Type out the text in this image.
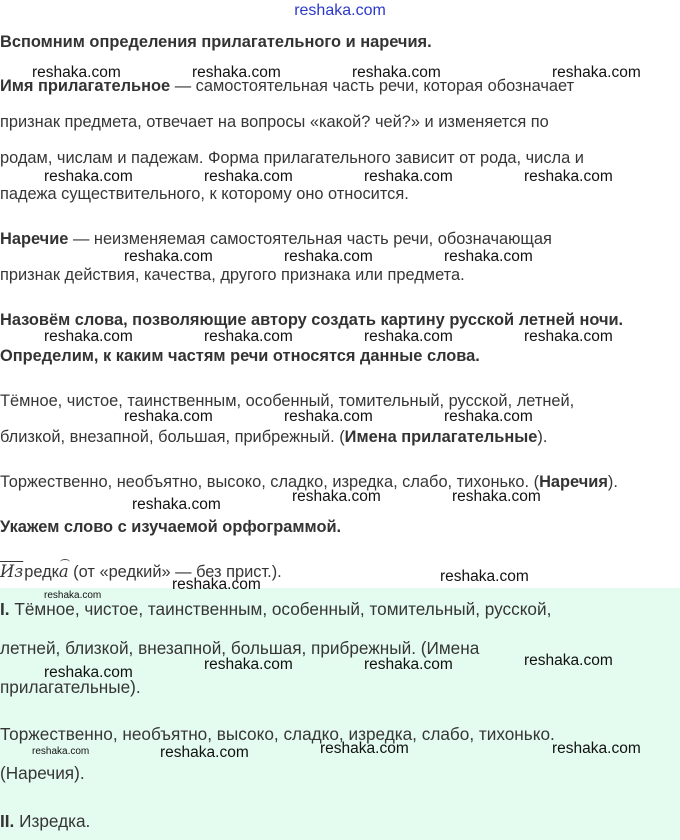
reshaka.com
Вспомним определения прилагательного и наречия.
Имя прилагательное — самостоятельная часть речи, которая обозначает
признак предмета, отвечает на вопросы «какой? чей?» и изменяется по
родам, числам и падежам. Форма прилагательного зависит от рода, числа и
падежа существительного, к которому оно относится.
Наречие — неизменяемая самостоятельная часть речи, обозначающая
признак действия, качества, другого признака или предмета.
Назовём слова, позволяющие автору создать картину русской летней ночи.
Определим, к каким частям речи относятся данные слова.
Тёмное, чистое, таинственным, особенный, томительный, русской, летней,
близкой, внезапной, большая, прибрежный. (Имена прилагательные).
Торжественно, необъятно, высоко, сладко, изредка, слабо, тихонько. (Наречия).
Укажем слово с изучаемой орфограммой.
Изредка (от «редкий» — без прист.).
I. Тёмное, чистое, таинственным, особенный, томительный, русской,
летней, близкой, внезапной, большая, прибрежный. (Имена
прилагательные).
Торжественно, необъятно, высоко, сладко, изредка, слабо, тихонько.
(Наречия).
II. Изредка.
reshaka.com	reshaka.com	reshaka.com	reshaka.com
reshaka.com	reshaka.com	reshaka.com	reshaka.com
reshaka.com	reshaka.com	reshaka.com
reshaka.com	reshaka.com	reshaka.com	reshaka.com
reshaka.com	reshaka.com	reshaka.com
reshaka.com	reshaka.com
reshaka.com
reshaka.com
reshaka.com
reshaka.com
reshaka.com
reshaka.com	reshaka.com
reshaka.com
reshaka.com	reshaka.com	reshaka.com
reshaka.com
